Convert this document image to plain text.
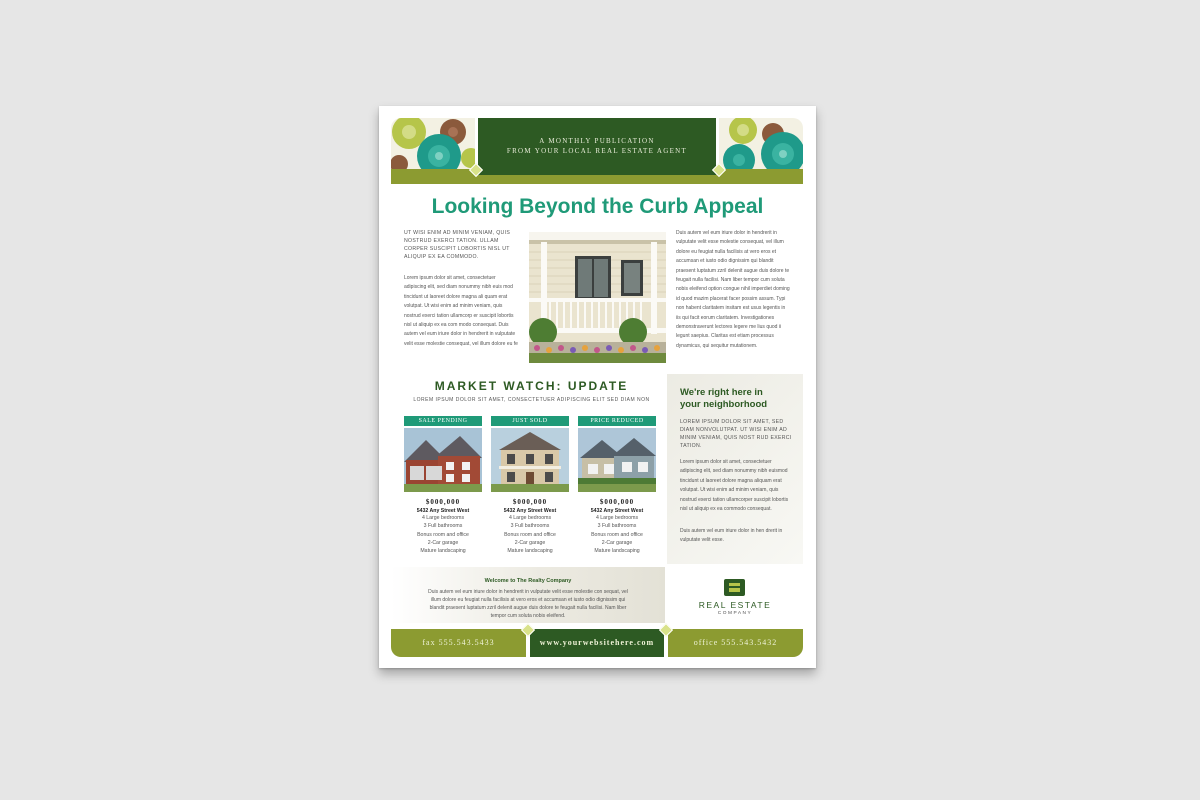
A MONTHLY PUBLICATION
FROM YOUR LOCAL REAL ESTATE AGENT
Looking Beyond the Curb Appeal
UT WISI ENIM AD MINIM VENIAM, QUIS NOSTRUD EXERCI TATION. ULLAM CORPER SUSCIPIT LOBORTIS NISL UT ALIQUIP EX EA COMMODO.
Lorem ipsum dolor sit amet, consectetuer adipiscing elit, sed diam nonummy nibh euis mod tincidunt ut laoreet dolore magna ali quam erat volutpat. Ut wisi enim ad minim veniam, quis nostrud exerci tation ullamcorp er suscipit lobortis nisl ut aliquip ex ea com modo consequat. Duis autem vel eum iriure dolor in hendrerit in vulputate velit esse molestie consequat, vel illum dolore eu fe
Duis autem vel eum iriure dolor in hendrerit in vulputate velit esse molestie consequat, vel illum dolore eu feugiat nulla facilisis at vero eros et accumsan et iusto odio dignissim qui blandit praesent luptatum zzril delenit augue duis dolore te feugait nulla facilisi. Nam liber tempor cum soluta nobis eleifend option congue nihil imperdiet doming id quod mazim placerat facer possim assum. Typi non habent claritatem insitam est usus legentis in iis qui facit eorum claritatem. Investigationes demonstraverunt lectores legere me lius quod ii legunt saepius. Claritas est etiam processus dynamicus, qui sequitur mutationem.
MARKET WATCH: UPDATE
LOREM IPSUM DOLOR SIT AMET, CONSECTETUER ADIPISCING ELIT SED DIAM NON
SALE PENDING
$000,000
5432 Any Street West
4 Large bedrooms
3 Full bathrooms
Bonus room and office
2-Car garage
Mature landscaping
JUST SOLD
$000,000
5432 Any Street West
4 Large bedrooms
3 Full bathrooms
Bonus room and office
2-Car garage
Mature landscaping
PRICE REDUCED
$000,000
5432 Any Street West
4 Large bedrooms
3 Full bathrooms
Bonus room and office
2-Car garage
Mature landscaping
We're right here in
your neighborhood
LOREM IPSUM DOLOR SIT AMET, SED DIAM NONVOLUTPAT. UT WISI ENIM AD MINIM VENIAM, QUIS NOST RUD EXERCI TATION.
Lorem ipsum dolor sit amet, consectetuer adipiscing elit, sed diam nonummy nibh euismod tincidunt ut laoreet dolore magna aliquam erat volutpat. Ut wisi enim ad minim veniam, quis nostrud exerci tation ullamcorper suscipit lobortis nisl ut aliquip ex ea commodo consequat.
Duis autem vel eum iriure dolor in hen drerit in vulputate velit esse.
Welcome to The Realty Company
Duis autem vel eum iriure dolor in hendrerit in vulputate velit esse molestie con sequat, vel illum dolore eu feugiat nulla facilisis at vero eros et accumsan et iusto odio dignissim qui blandit praesent luptatum zzril delenit augue duis dolore te feugait nulla facilisi. Nam liber tempor cum soluta nobis eleifend.
REAL ESTATE
COMPANY
fax 555.543.5433	www.yourwebsitehere.com	office 555.543.5432
